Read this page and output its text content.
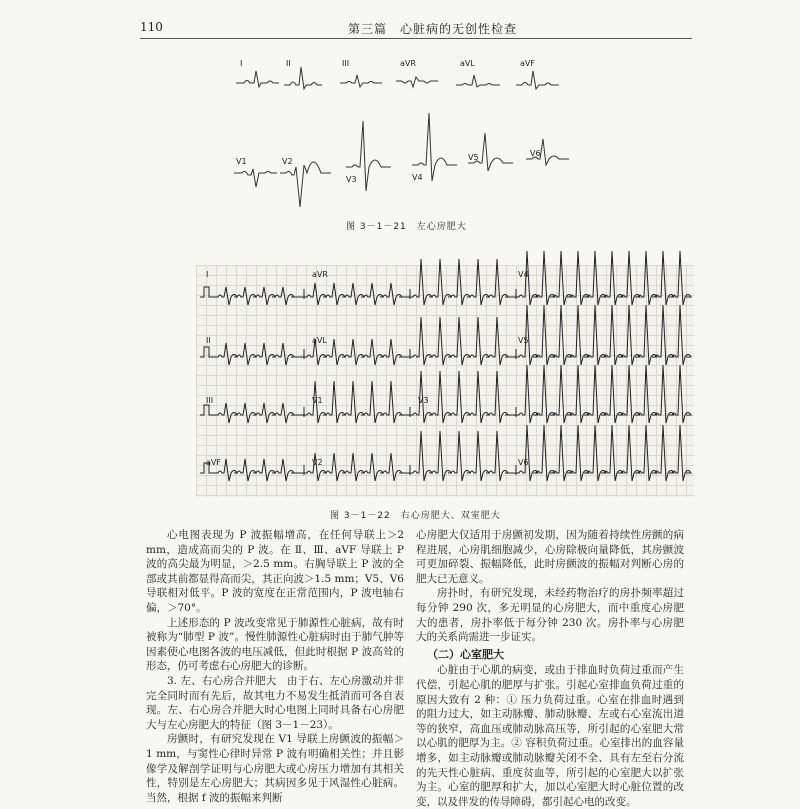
110	第三篇　心脏病的无创性检查
I	II	III	aVR	aVL	aVF
V1	V2
V3	V4
V5	V6
图 3－1－21　左心房肥大
I
II
III
aVF
aVR
aVL
V1
V2
V4
V5
V3
V6
图 3－1－22　右心房肥大、双室肥大

心电图表现为 P 波振幅增高，在任何导联上＞2 mm，造成高而尖的 P 波。在 Ⅱ、Ⅲ、aVF 导联上 P 波的高尖最为明显，＞2.5 mm。右胸导联上 P 波的全部或其前都显得高而尖，其正向波＞1.5 mm；V5、V6 导联相对低平。P 波的宽度在正常范围内，P 波电轴右偏，＞70°。

上述形态的 P 波改变常见于肺源性心脏病，故有时被称为“肺型 P 波”。慢性肺源性心脏病时由于肺气肿等因素使心电图各波的电压减低，但此时根据 P 波高耸的形态，仍可考虑右心房肥大的诊断。

3. 左、右心房合并肥大　由于右、左心房激动并非完全同时而有先后，故其电力不易发生抵消而可各自表现。左、右心房合并肥大时心电图上同时具备右心房肥大与左心房肥大的特征（图 3－1－23）。

房颤时，有研究发现在 V1 导联上房颤波的振幅＞1 mm，与窦性心律时异常 P 波有明确相关性；并且影像学及解剖学证明与心房肥大或心房压力增加有其相关性，特别是左心房肥大；其病因多见于风湿性心脏病。当然，根据 f 波的振幅来判断

心房肥大仅适用于房颤初发期，因为随着持续性房颤的病程进展，心房肌细胞减少，心房除极向量降低，其房颤波可更加碎裂、振幅降低，此时房颤波的振幅对判断心房的肥大已无意义。

房扑时，有研究发现，未经药物治疗的房扑频率超过每分钟 290 次，多无明显的心房肥大，而中重度心房肥大的患者，房扑率低于每分钟 230 次。房扑率与心房肥大的关系尚需进一步证实。

（二）心室肥大

心脏由于心肌的病变，或由于排血时负荷过重而产生代偿，引起心肌的肥厚与扩张。引起心室排血负荷过重的原因大致有 2 种：① 压力负荷过重。心室在排血时遇到的阻力过大，如主动脉瓣、肺动脉瓣、左或右心室流出道等的狭窄，高血压或肺动脉高压等，所引起的心室肥大常以心肌的肥厚为主。② 容积负荷过重。心室排出的血容量增多，如主动脉瓣或肺动脉瓣关闭不全、具有左至右分流的先天性心脏病、重度贫血等，所引起的心室肥大以扩张为主。心室的肥厚和扩大，加以心室肥大时心脏位置的改变，以及伴发的传导障碍，都引起心电的改变。
